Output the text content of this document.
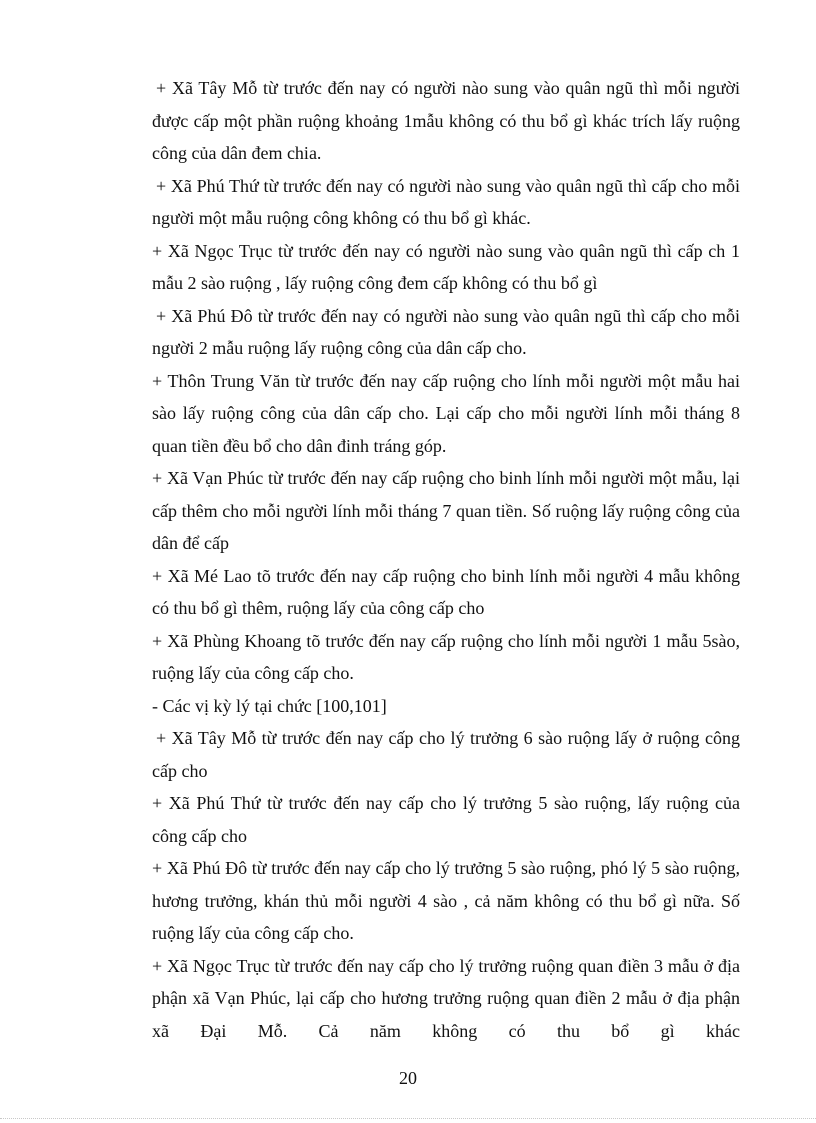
+ Xã Tây Mỗ từ trước đến nay có người nào sung vào quân ngũ thì mỗi người được cấp một phần ruộng khoảng 1mẫu không có thu bổ gì khác trích lấy ruộng công của dân đem chia.

+ Xã Phú Thứ từ trước đến nay có người nào sung vào quân ngũ thì cấp cho mỗi người một mẫu ruộng công không có thu bổ gì khác.

+ Xã Ngọc Trục từ trước đến nay có người nào sung vào quân ngũ thì cấp ch 1 mẫu 2 sào ruộng , lấy ruộng công đem cấp không có thu bổ gì

+ Xã Phú Đô từ trước đến nay có người nào sung vào quân ngũ thì cấp cho mỗi người 2 mẫu ruộng lấy ruộng công của dân cấp cho.

+ Thôn Trung Văn từ trước đến nay cấp ruộng cho lính mỗi người một mẫu hai sào lấy ruộng công của dân cấp cho. Lại cấp cho mỗi người lính mỗi tháng 8 quan tiền đều bổ cho dân đinh tráng góp.

+ Xã Vạn Phúc từ trước đến nay cấp ruộng cho binh lính mỗi người một mẫu, lại cấp thêm cho mỗi người lính mỗi tháng 7 quan tiền. Số ruộng lấy ruộng công của dân để cấp

+ Xã Mé Lao tõ trước đến nay cấp ruộng cho binh lính mỗi người 4 mẫu không có thu bổ gì thêm, ruộng lấy của công cấp cho

+ Xã Phùng Khoang tõ trước đến nay cấp ruộng cho lính mỗi người 1 mẫu 5sào, ruộng lấy của công cấp cho.

- Các vị kỳ lý tại chức [100,101]

+ Xã Tây Mỗ từ trước đến nay cấp cho lý trưởng 6 sào ruộng lấy ở ruộng công cấp cho

+ Xã Phú Thứ từ trước đến nay cấp cho lý trưởng 5 sào ruộng, lấy ruộng của công cấp cho

+ Xã Phú Đô từ trước đến nay cấp cho lý trưởng 5 sào ruộng, phó lý 5 sào ruộng, hương trưởng, khán thủ mỗi người 4 sào , cả năm không có thu bổ gì nữa. Số ruộng lấy của công cấp cho.

+ Xã Ngọc Trục từ trước đến nay cấp cho lý trưởng ruộng quan điền 3 mẫu ở địa phận xã Vạn Phúc, lại cấp cho hương trưởng ruộng quan điền 2 mẫu ở địa phận xã Đại Mỗ. Cả năm không có thu bổ gì khác

20
